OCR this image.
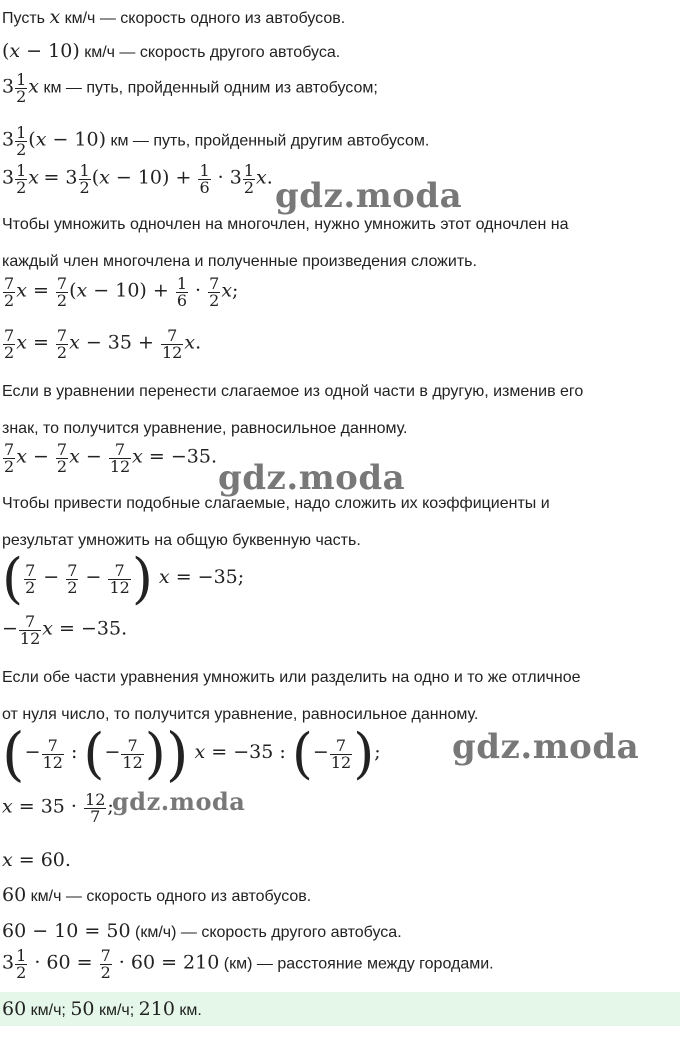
Пусть x км/ч — скорость одного из автобусов.
(x − 10) км/ч — скорость другого автобуса.
$3 \frac{1}{2}$ x км — путь, пройденный одним из автобусом;
$3 \frac{1}{2} (x - 10)$ км — путь, пройденный другим автобусом.
$3 \frac{1}{2}$ $x = 3 \frac{1}{2} (x - 10) + \frac{1}{6} \cdot 3 \frac{1}{2} x$. gdz.moda
Чтобы умножить одночлен на многочлен, нужно умножить этот одночлен на
каждый член многочлена и полученные произведения сложить.
$\frac{7}{2}$ $x = \frac{7}{2} (x - 10) + \frac{1}{6} \cdot \frac{7}{2} x$;
$\frac{7}{2}$ $x = \frac{7}{2}$ $x - 35 + \frac{7}{12} x$.
Если в уравнении перенести слагаемое из одной части в другую, изменив его
знак, то получится уравнение, равносильное данному.
$\frac{7}{2}$ $x - \frac{7}{2}$ $x - \frac{7}{12}$ x = −35.
gdz.moda
Чтобы привести подобные слагаемые, надо сложить их коэффициенты и
результат умножить на общую буквенную часть.
( $\frac{7}{2} - \frac{7}{2} - \frac{7}{12}$ ) x = −35;
− $\frac{7}{12}$ x = −35.
Если обе части уравнения умножить или разделить на одно и то же отличное
от нуля число, то получится уравнение, равносильное данному.
(− $\frac{7}{12}$ : (− $\frac{7}{12}$ )) x = −35 : (− $\frac{7}{12}$ ); gdz.moda
$x = 35 \cdot \frac{12}{7}$ ;
gdz.moda
x = 60.
60 км/ч — скорость одного из автобусов.
60 − 10 = 50 (км/ч) — скорость другого автобуса.
$3 \frac{1}{2} \cdot 60 = \frac{7}{2} \cdot 60 = 210$ (км) — расстояние между городами.
60 км/ч; 50 км/ч; 210 км.
